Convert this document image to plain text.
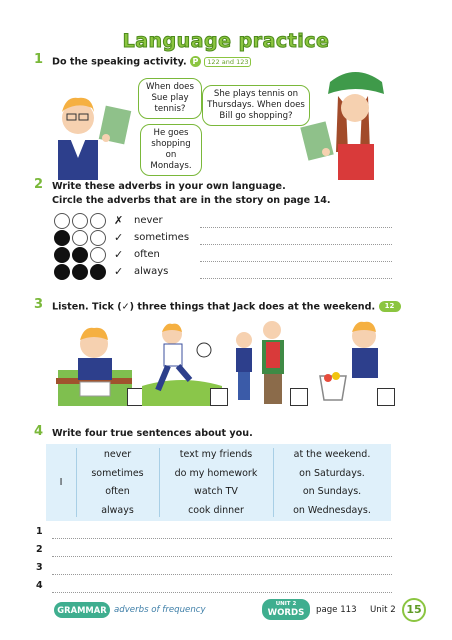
Language practice
1 Do the speaking activity. P 122 and 123
When does Sue play tennis?
He goes shopping on Mondays.
She plays tennis on Thursdays. When does Bill go shopping?
2 Write these adverbs in your own language.
Circle the adverbs that are in the story on page 14.
✗ never
✓ sometimes
✓ often
✓ always
3 Listen. Tick (✓) three things that Jack does at the weekend. 12
4 Write four true sentences about you.
I
never
sometimes
often
always
text my friends
do my homework
watch TV
cook dinner
at the weekend.
on Saturdays.
on Sundays.
on Wednesdays.
1
2
3
4
GRAMMAR adverbs of frequency
UNIT 2
WORDS	page 113 Unit 2 15
